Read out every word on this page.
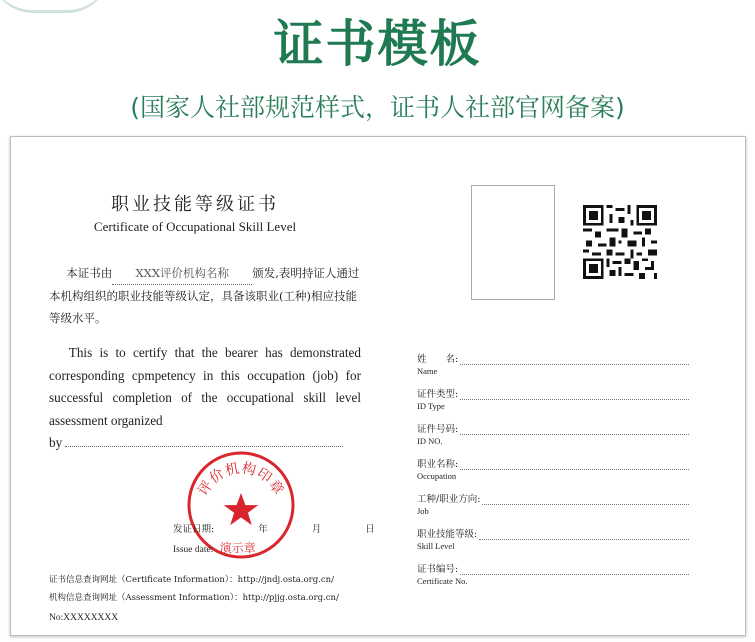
证书模板
(国家人社部规范样式，证书人社部官网备案)
职业技能等级证书
Certificate of Occupational Skill Level
  本证书由 XXX评价机构名称 颁发,表明持证人通过本机构组织的职业技能等级认定，具备该职业(工种)相应技能等级水平。
  This is to certify that the bearer has demonstrated corresponding cpmpetency in this occupation (job) for successful completion of the occupational skill level assessment organized
by
评价机构印章
发证日期:	年	月	日
Issue date: 演示章
证书信息查询网址（Certificate Information）：http://jndj.osta.org.cn/
机构信息查询网址（Assessment Information）：http://pjjg.osta.org.cn/
No:XXXXXXXX
姓　　名:
Name
证件类型:
ID Type
证件号码:
ID NO.
职业名称:
Occupation
工种/职业方向:
Job
职业技能等级:
Skill Level
证书编号:
Certificate No.
